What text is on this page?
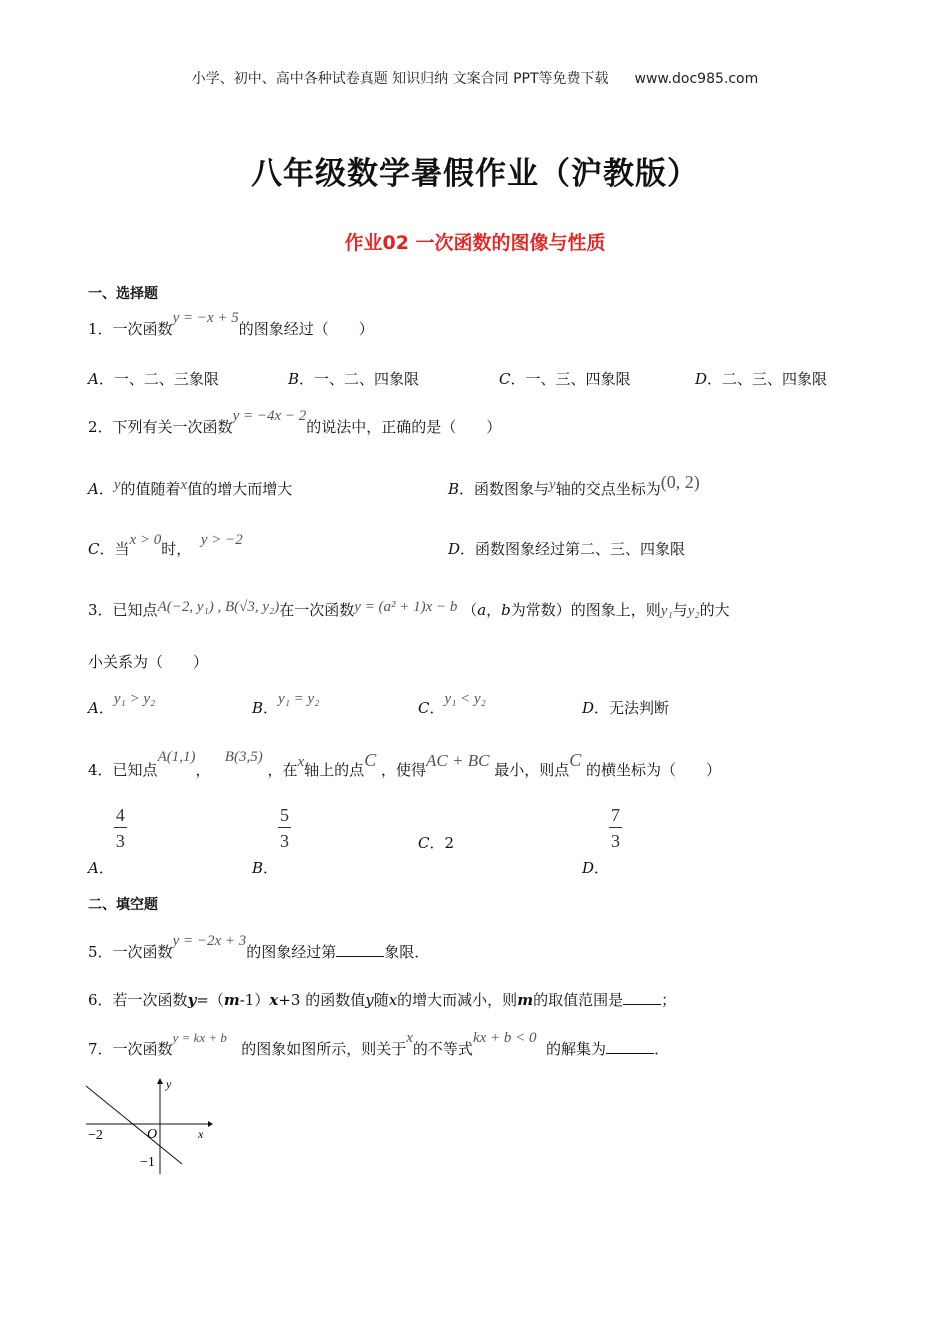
小学、初中、高中各种试卷真题 知识归纳 文案合同 PPT等免费下载 www.doc985.com
八年级数学暑假作业（沪教版）
作业02 一次函数的图像与性质
一、选择题
1．一次函数y = −x + 5的图象经过（　　）
A．一、二、三象限	B．一、二、四象限	C．一、三、四象限	D．二、三、四象限
2．下列有关一次函数y = −4x − 2的说法中，正确的是（　　）
A．y的值随着x值的增大而增大	B．函数图象与y轴的交点坐标为(0, 2)
C．当x > 0时， y > −2	D．函数图象经过第二、三、四象限
3．已知点A(−2, y₁) , B(√3, y₂)在一次函数y = (a² + 1)x − b （a，b为常数）的图象上，则y₁与y₂的大
小关系为（　　）
A．y₁ > y₂	B．y₁ = y₂	C．y₁ < y₂	D．无法判断
4．已知点A(1,1)，   B(3,5) ，在x轴上的点C ，使得AC + BC 最小，则点C 的横坐标为（　　）
A．
$\frac{4}{3}$
B．
$\frac{5}{3}$	C．2
D．
$\frac{7}{3}$
二、填空题
5．一次函数y = −2x + 3的图象经过第	象限．
6．若一次函数y=（m-1）x+3 的函数值y随x的增大而减小，则m的取值范围是	；
7．一次函数y = kx + b   的图象如图所示，则关于x的不等式kx + b < 0  的解集为	．
y
x
O
−2
−1
